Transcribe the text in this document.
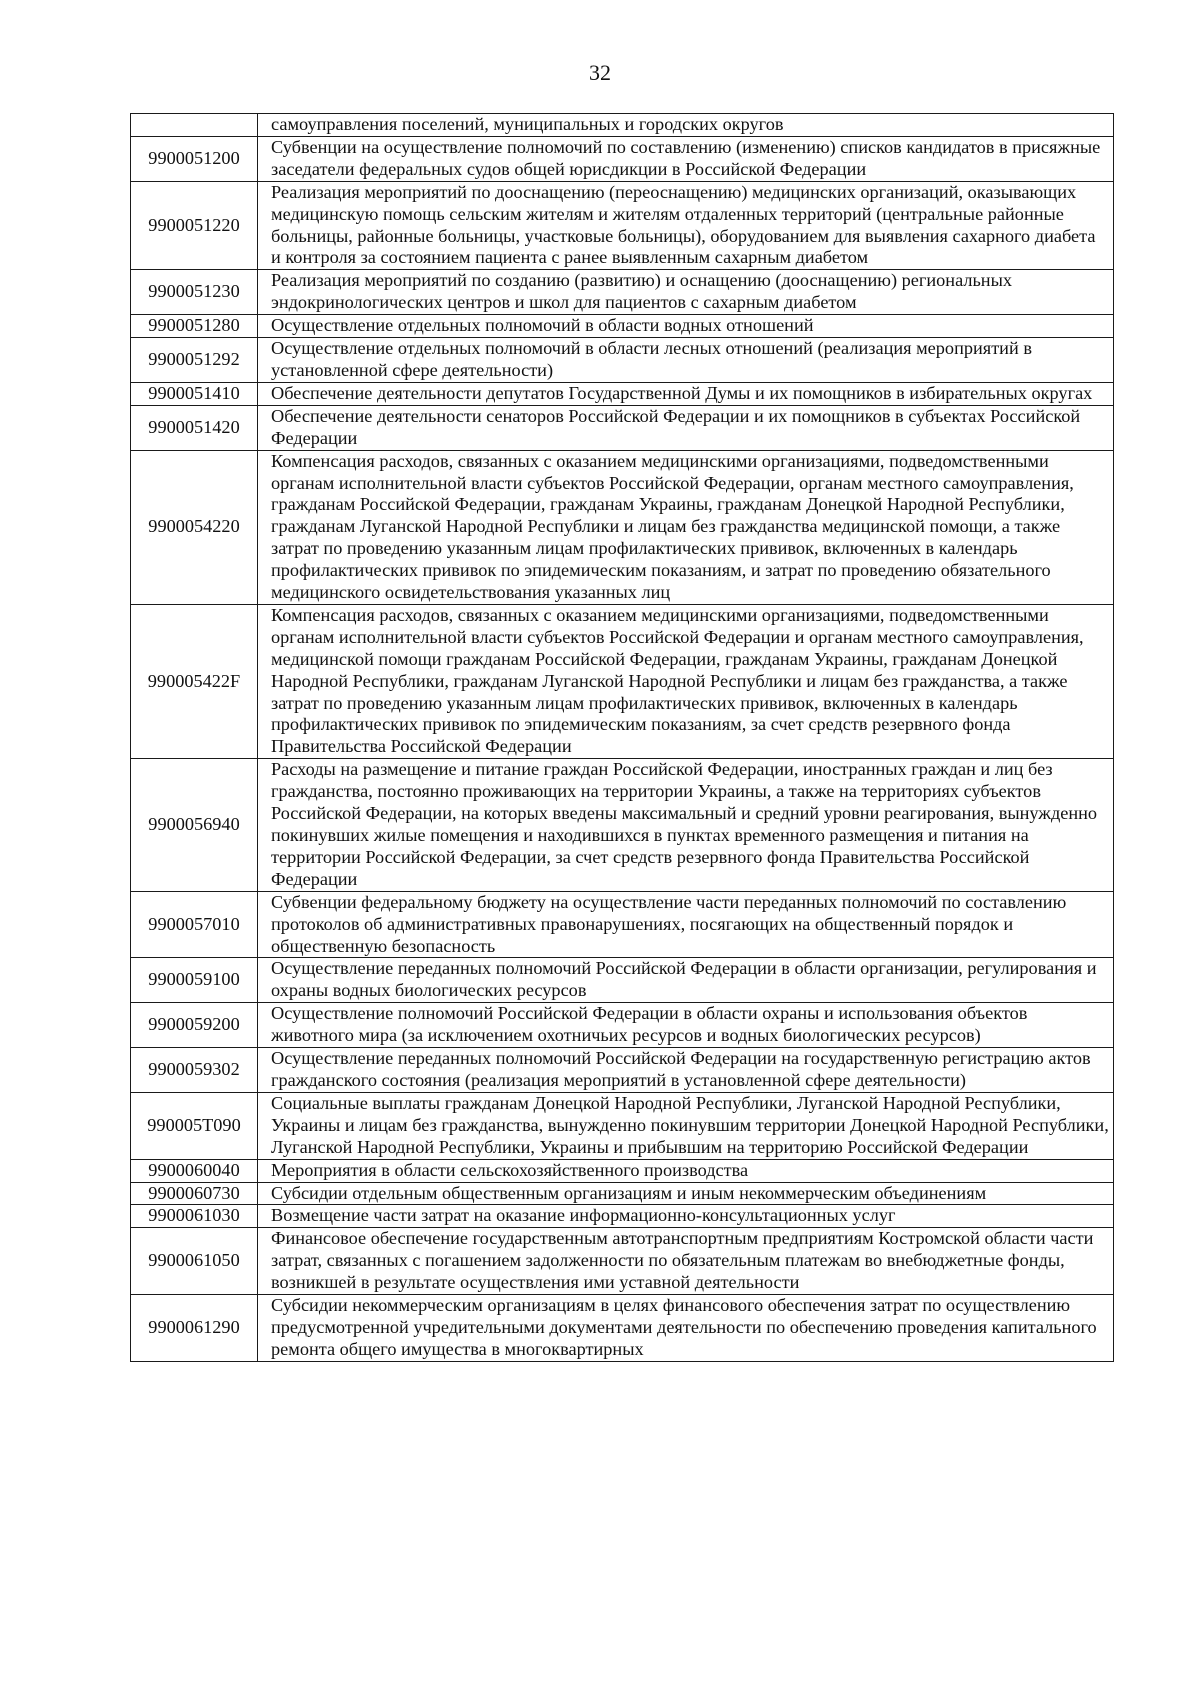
32
	самоуправления поселений, муниципальных и городских округов
9900051200	Субвенции на осуществление полномочий по составлению (изменению) списков кандидатов в присяжные заседатели федеральных судов общей юрисдикции в Российской Федерации
9900051220	Реализация мероприятий по дооснащению (переоснащению) медицинских организаций, оказывающих медицинскую помощь сельским жителям и жителям отдаленных территорий (центральные районные больницы, районные больницы, участковые больницы), оборудованием для выявления сахарного диабета и контроля за состоянием пациента с ранее выявленным сахарным диабетом
9900051230	Реализация мероприятий по созданию (развитию) и оснащению (дооснащению) региональных эндокринологических центров и школ для пациентов с сахарным диабетом
9900051280	Осуществление отдельных полномочий в области водных отношений
9900051292	Осуществление отдельных полномочий в области лесных отношений (реализация мероприятий в установленной сфере деятельности)
9900051410	Обеспечение деятельности депутатов Государственной Думы и их помощников в избирательных округах
9900051420	Обеспечение деятельности сенаторов Российской Федерации и их помощников в субъектах Российской Федерации
9900054220	Компенсация расходов, связанных с оказанием медицинскими организациями, подведомственными органам исполнительной власти субъектов Российской Федерации, органам местного самоуправления, гражданам Российской Федерации, гражданам Украины, гражданам Донецкой Народной Республики, гражданам Луганской Народной Республики и лицам без гражданства медицинской помощи, а также затрат по проведению указанным лицам профилактических прививок, включенных в календарь профилактических прививок по эпидемическим показаниям, и затрат по проведению обязательного медицинского освидетельствования указанных лиц
990005422F	Компенсация расходов, связанных с оказанием медицинскими организациями, подведомственными органам исполнительной власти субъектов Российской Федерации и органам местного самоуправления, медицинской помощи гражданам Российской Федерации, гражданам Украины, гражданам Донецкой Народной Республики, гражданам Луганской Народной Республики и лицам без гражданства, а также затрат по проведению указанным лицам профилактических прививок, включенных в календарь профилактических прививок по эпидемическим показаниям, за счет средств резервного фонда Правительства Российской Федерации
9900056940	Расходы на размещение и питание граждан Российской Федерации, иностранных граждан и лиц без гражданства, постоянно проживающих на территории Украины, а также на территориях субъектов Российской Федерации, на которых введены максимальный и средний уровни реагирования, вынужденно покинувших жилые помещения и находившихся в пунктах временного размещения и питания на территории Российской Федерации, за счет средств резервного фонда Правительства Российской Федерации
9900057010	Субвенции федеральному бюджету на осуществление части переданных полномочий по составлению протоколов об административных правонарушениях, посягающих на общественный порядок и общественную безопасность
9900059100	Осуществление переданных полномочий Российской Федерации в области организации, регулирования и охраны водных биологических ресурсов
9900059200	Осуществление полномочий Российской Федерации в области охраны и использования объектов животного мира (за исключением охотничьих ресурсов и водных биологических ресурсов)
9900059302	Осуществление переданных полномочий Российской Федерации на государственную регистрацию актов гражданского состояния (реализация мероприятий в установленной сфере деятельности)
990005T090	Социальные выплаты гражданам Донецкой Народной Республики, Луганской Народной Республики, Украины и лицам без гражданства, вынужденно покинувшим территории Донецкой Народной Республики, Луганской Народной Республики, Украины и прибывшим на территорию Российской Федерации
9900060040	Мероприятия в области сельскохозяйственного производства
9900060730	Субсидии отдельным общественным организациям и иным некоммерческим объединениям
9900061030	Возмещение части затрат на оказание информационно-консультационных услуг
9900061050	Финансовое обеспечение государственным автотранспортным предприятиям Костромской области части затрат, связанных с погашением задолженности по обязательным платежам во внебюджетные фонды, возникшей в результате осуществления ими уставной деятельности
9900061290	Субсидии некоммерческим организациям в целях финансового обеспечения затрат по осуществлению предусмотренной учредительными документами деятельности по обеспечению проведения капитального ремонта общего имущества в многоквартирных
